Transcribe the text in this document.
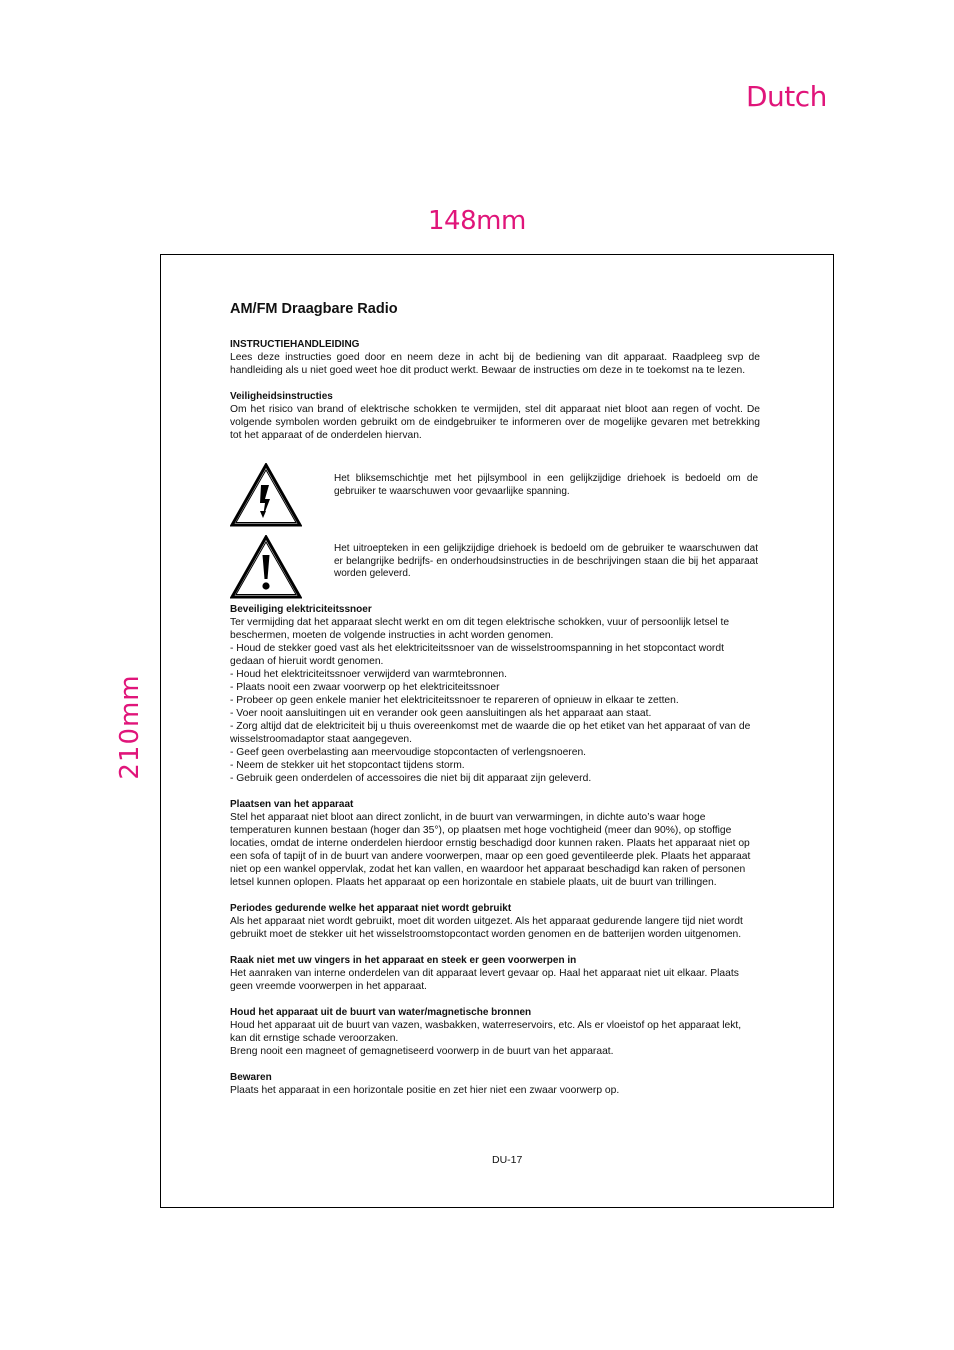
Dutch
148mm
210mm
AM/FM Draagbare Radio
INSTRUCTIEHANDLEIDING
Lees deze instructies goed door en neem deze in acht bij de bediening van dit apparaat. Raadpleeg svp de handleiding als u niet goed weet hoe dit product werkt. Bewaar de instructies om deze in te toekomst na te lezen.
Veiligheidsinstructies
Om het risico van brand of elektrische schokken te vermijden, stel dit apparaat niet bloot aan regen of vocht. De volgende symbolen worden gebruikt om de eindgebruiker te informeren over de mogelijke gevaren met betrekking tot het apparaat of de onderdelen hiervan.
Het bliksemschichtje met het pijlsymbool in een gelijkzijdige driehoek is bedoeld om de gebruiker te waarschuwen voor gevaarlijke spanning.
Het uitroepteken in een gelijkzijdige driehoek is bedoeld om de gebruiker te waarschuwen dat er belangrijke bedrijfs- en onderhoudsinstructies in de beschrijvingen staan die bij het apparaat worden geleverd.
Beveiliging elektriciteitssnoer
Ter vermijding dat het apparaat slecht werkt en om dit tegen elektrische schokken, vuur of persoonlijk letsel te beschermen, moeten de volgende instructies in acht worden genomen.
- Houd de stekker goed vast als het elektriciteitssnoer van de wisselstroomspanning in het stopcontact wordt gedaan of hieruit wordt genomen.
- Houd het elektriciteitssnoer verwijderd van warmtebronnen.
- Plaats nooit een zwaar voorwerp op het elektriciteitssnoer
- Probeer op geen enkele manier het elektriciteitssnoer te repareren of opnieuw in elkaar te zetten.
- Voer nooit aansluitingen uit en verander ook geen aansluitingen als het apparaat aan staat.
- Zorg altijd dat de elektriciteit bij u thuis overeenkomst met de waarde die op het etiket van het apparaat of van de wisselstroomadaptor staat aangegeven.
- Geef geen overbelasting aan meervoudige stopcontacten of verlengsnoeren.
- Neem de stekker uit het stopcontact tijdens storm.
- Gebruik geen onderdelen of accessoires die niet bij dit apparaat zijn geleverd.
Plaatsen van het apparaat
Stel het apparaat niet bloot aan direct zonlicht, in de buurt van verwarmingen, in dichte auto’s waar hoge temperaturen kunnen bestaan (hoger dan 35°), op plaatsen met hoge vochtigheid (meer dan 90%), op stoffige locaties, omdat de interne onderdelen hierdoor ernstig beschadigd door kunnen raken. Plaats het apparaat niet op een sofa of tapijt of in de buurt van andere voorwerpen, maar op een goed geventileerde plek. Plaats het apparaat niet op een wankel oppervlak, zodat het kan vallen, en waardoor het apparaat beschadigd kan raken of personen letsel kunnen oplopen. Plaats het apparaat op een horizontale en stabiele plaats, uit de buurt van trillingen.
Periodes gedurende welke het apparaat niet wordt gebruikt
Als het apparaat niet wordt gebruikt, moet dit worden uitgezet. Als het apparaat gedurende langere tijd niet wordt gebruikt moet de stekker uit het wisselstroomstopcontact worden genomen en de batterijen worden uitgenomen.
Raak niet met uw vingers in het apparaat en steek er geen voorwerpen in
Het aanraken van interne onderdelen van dit apparaat levert gevaar op. Haal het apparaat niet uit elkaar. Plaats geen vreemde voorwerpen in het apparaat.
Houd het apparaat uit de buurt van water/magnetische bronnen
Houd het apparaat uit de buurt van vazen, wasbakken, waterreservoirs, etc. Als er vloeistof op het apparaat lekt, kan dit ernstige schade veroorzaken.
Breng nooit een magneet of gemagnetiseerd voorwerp in de buurt van het apparaat.
Bewaren
Plaats het apparaat in een horizontale positie en zet hier niet een zwaar voorwerp op.
DU-17
